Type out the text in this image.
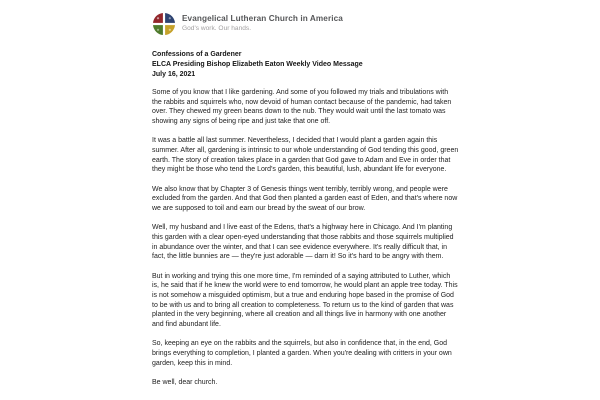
Evangelical Lutheran Church in America
God's work. Our hands.
Confessions of a Gardener
ELCA Presiding Bishop Elizabeth Eaton Weekly Video Message
July 16, 2021

Some of you know that I like gardening. And some of you followed my trials and tribulations with the rabbits and squirrels who, now devoid of human contact because of the pandemic, had taken over. They chewed my green beans down to the nub. They would wait until the last tomato was showing any signs of being ripe and just take that one off.

It was a battle all last summer. Nevertheless, I decided that I would plant a garden again this summer. After all, gardening is intrinsic to our whole understanding of God tending this good, green earth. The story of creation takes place in a garden that God gave to Adam and Eve in order that they might be those who tend the Lord's garden, this beautiful, lush, abundant life for everyone.

We also know that by Chapter 3 of Genesis things went terribly, terribly wrong, and people were excluded from the garden. And that God then planted a garden east of Eden, and that's where now we are supposed to toil and earn our bread by the sweat of our brow.

Well, my husband and I live east of the Edens, that's a highway here in Chicago. And I'm planting this garden with a clear open-eyed understanding that those rabbits and those squirrels multiplied in abundance over the winter, and that I can see evidence everywhere. It's really difficult that, in fact, the little bunnies are — they're just adorable — darn it! So it's hard to be angry with them.

But in working and trying this one more time, I'm reminded of a saying attributed to Luther, which is, he said that if he knew the world were to end tomorrow, he would plant an apple tree today. This is not somehow a misguided optimism, but a true and enduring hope based in the promise of God to be with us and to bring all creation to completeness. To return us to the kind of garden that was planted in the very beginning, where all creation and all things live in harmony with one another and find abundant life.

So, keeping an eye on the rabbits and the squirrels, but also in confidence that, in the end, God brings everything to completion, I planted a garden. When you're dealing with critters in your own garden, keep this in mind.

Be well, dear church.
